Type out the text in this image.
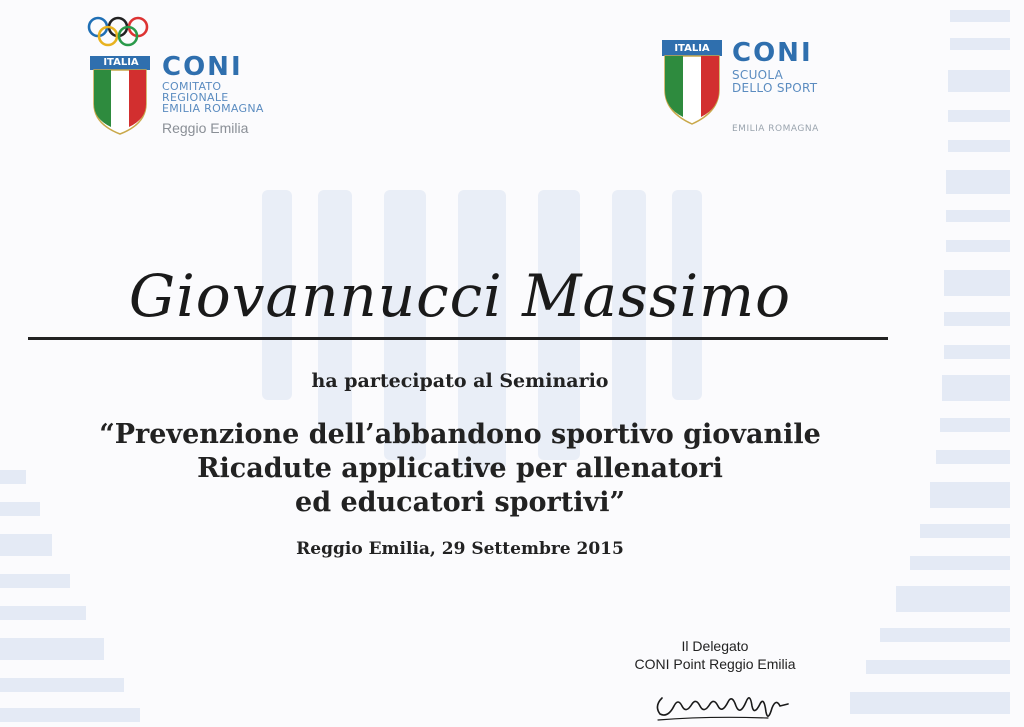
ITALIA CONI
COMITATO
REGIONALE
EMILIA ROMAGNA
Reggio Emilia
ITALIA CONI
SCUOLA
DELLO SPORT
EMILIA ROMAGNA
Giovannucci Massimo
ha partecipato al Seminario
“Prevenzione dell’abbandono sportivo giovanile
Ricadute applicative per allenatori
ed educatori sportivi”
Reggio Emilia, 29 Settembre 2015
Il Delegato
CONI Point Reggio Emilia
